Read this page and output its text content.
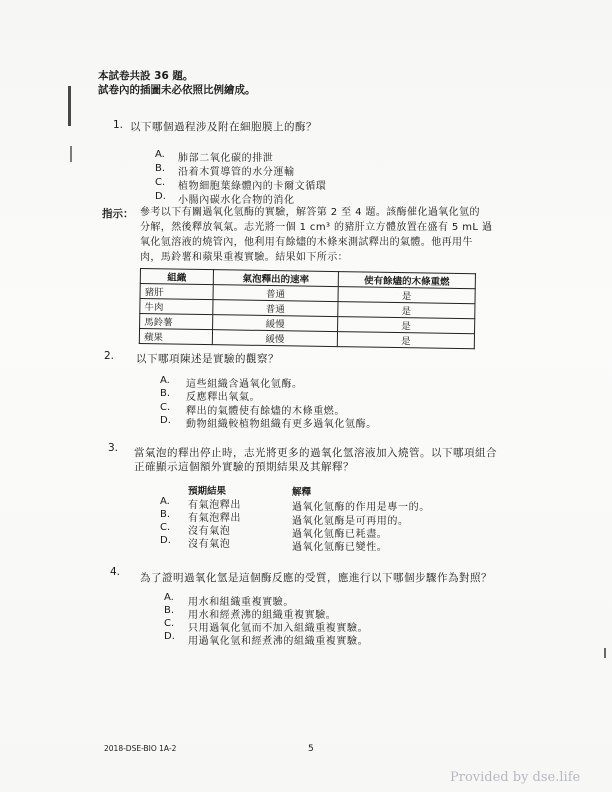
本試卷共設 36 題。
試卷內的插圖未必依照比例繪成。
1. 以下哪個過程涉及附在細胞膜上的酶？
A. 肺部二氧化碳的排泄
B. 沿着木質導管的水分運輸
C. 植物細胞葉綠體內的卡爾文循環
D. 小腸內碳水化合物的消化
指示： 參考以下有關過氧化氫酶的實驗，解答第 2 至 4 題。該酶催化過氧化氫的
分解，然後釋放氧氣。志光將一個 1 cm³ 的豬肝立方體放置在盛有 5 mL 過
氧化氫溶液的燒管內，他利用有餘燼的木條來測試釋出的氣體。他再用牛
肉，馬鈴薯和蘋果重複實驗。結果如下所示：
組織	氣泡釋出的速率	使有餘燼的木條重燃
豬肝	普通	是
牛肉	普通	是
馬鈴薯	緩慢	是
蘋果	緩慢	是
2. 以下哪項陳述是實驗的觀察？
A. 這些組織含過氧化氫酶。
B. 反應釋出氧氣。
C. 釋出的氣體使有餘燼的木條重燃。
D. 動物組織較植物組織有更多過氧化氫酶。
3. 當氣泡的釋出停止時，志光將更多的過氧化氫溶液加入燒管。以下哪項組合
正確顯示這個額外實驗的預期結果及其解釋？
預期結果	解釋
A. 有氣泡釋出	過氧化氫酶的作用是專一的。
B. 有氣泡釋出	過氧化氫酶是可再用的。
C. 沒有氣泡	過氧化氫酶已耗盡。
D. 沒有氣泡	過氧化氫酶已變性。
4. 為了證明過氧化氫是這個酶反應的受質，應進行以下哪個步驟作為對照？
A. 用水和組織重複實驗。
B. 用水和經煮沸的組織重複實驗。
C. 只用過氧化氫而不加入組織重複實驗。
D. 用過氧化氫和經煮沸的組織重複實驗。
2018-DSE-BIO 1A-2	5
Provided by dse.life
